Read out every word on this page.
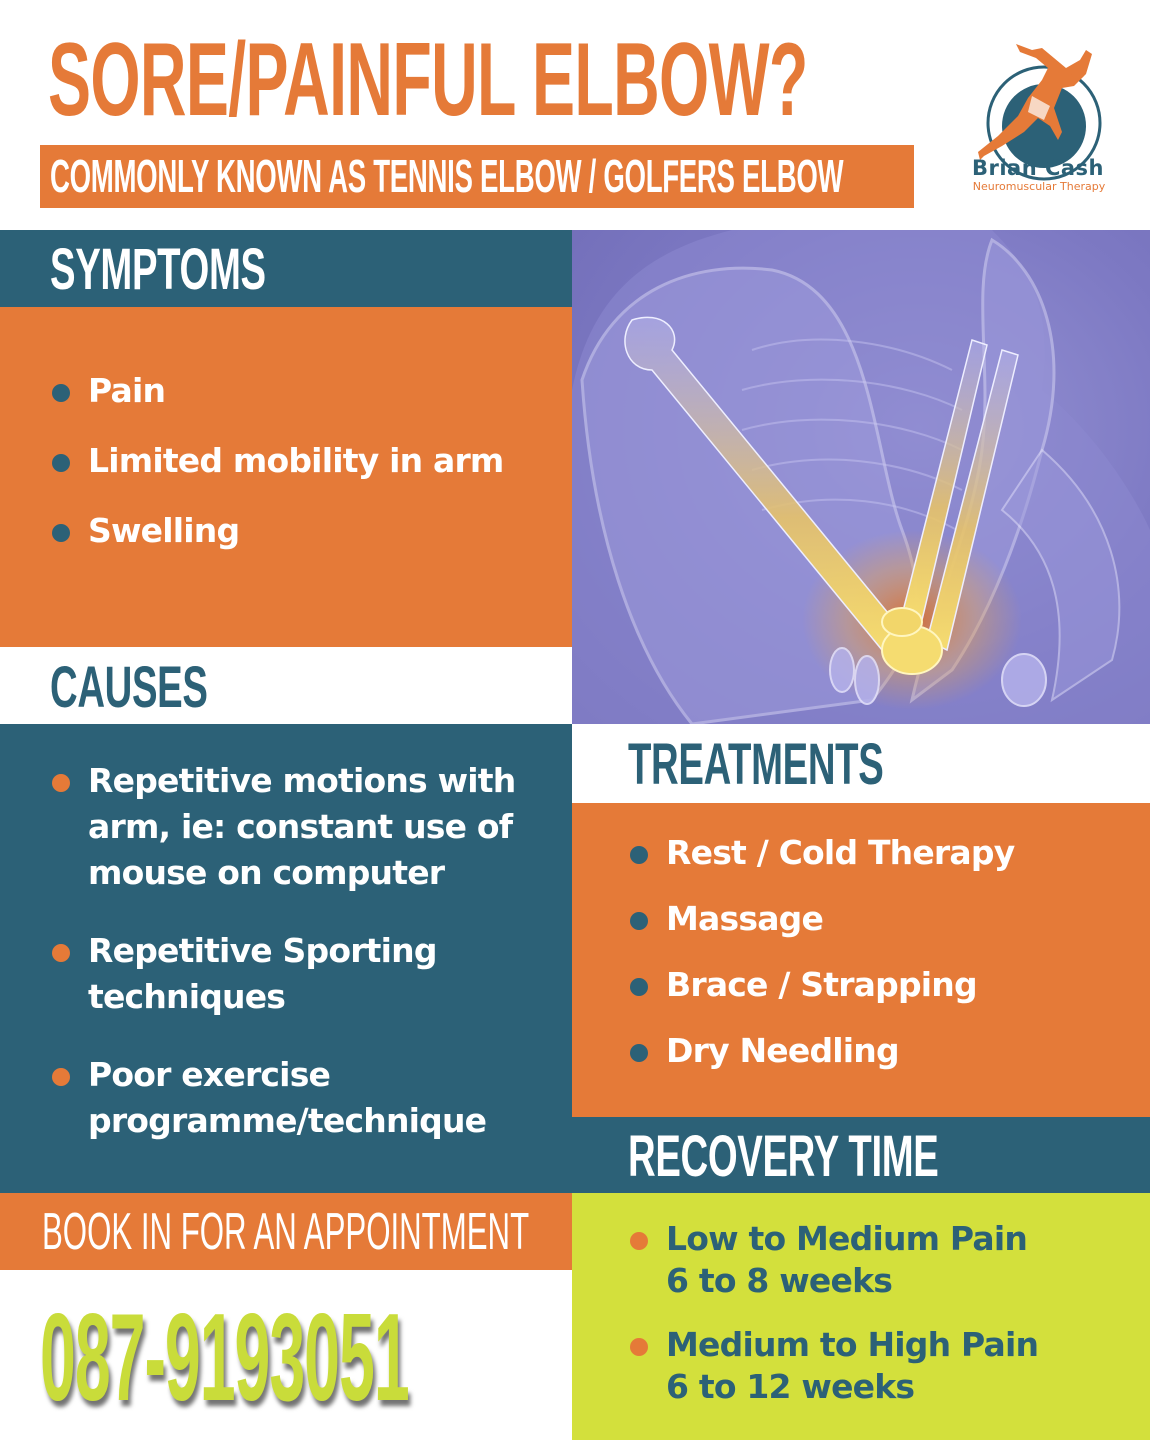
SORE/PAINFUL ELBOW?
COMMONLY KNOWN AS TENNIS ELBOW / GOLFERS ELBOW	Brian Cash
Neuromuscular Therapy
SYMPTOMS
Pain
Limited mobility in arm
Swelling
CAUSES
Repetitive motions with arm, ie: constant use of mouse on computer
Repetitive Sporting techniques
Poor exercise programme/technique
TREATMENTS
Rest / Cold Therapy
Massage
Brace / Strapping
Dry Needling
RECOVERY TIME
Low to Medium Pain
6 to 8 weeks
Medium to High Pain
6 to 12 weeks
BOOK IN FOR AN APPOINTMENT
087-9193051
